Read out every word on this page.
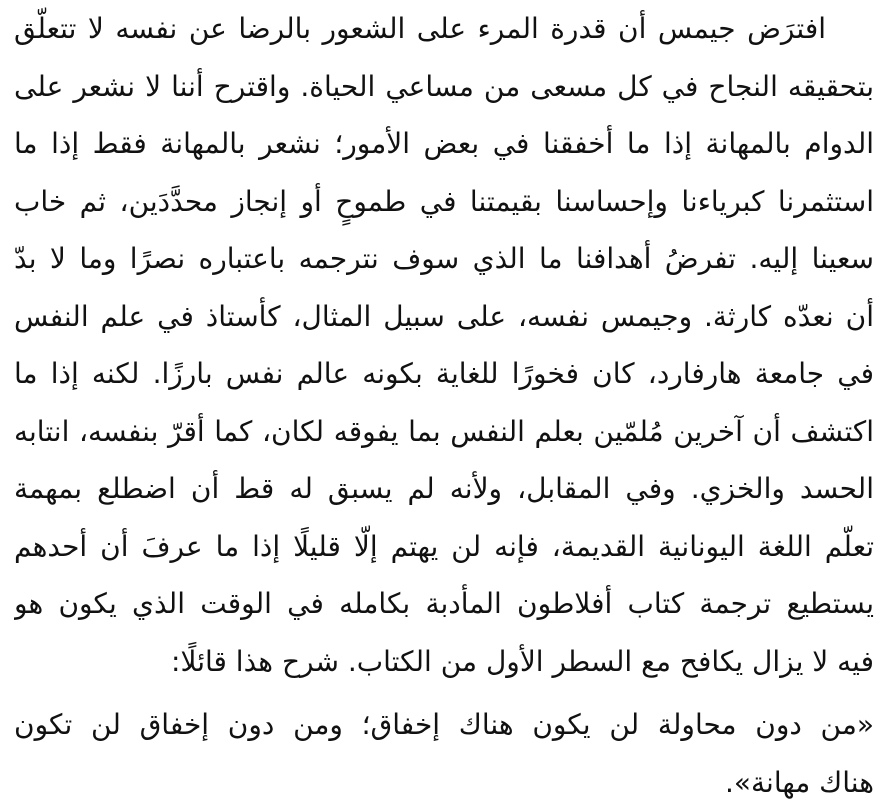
افترَض جيمس أن قدرة المرء على الشعور بالرضا عن نفسه لا تتعلّق
بتحقيقه النجاح في كل مسعى من مساعي الحياة. واقترح أننا لا نشعر على
الدوام بالمهانة إذا ما أخفقنا في بعض الأمور؛ نشعر بالمهانة فقط إذا ما
استثمرنا كبرياءنا وإحساسنا بقيمتنا في طموحٍ أو إنجاز محدَّدَين، ثم خاب
سعينا إليه. تفرضُ أهدافنا ما الذي سوف نترجمه باعتباره نصرًا وما لا بدّ
أن نعدّه كارثة. وجيمس نفسه، على سبيل المثال، كأستاذ في علم النفس
في جامعة هارفارد، كان فخورًا للغاية بكونه عالم نفس بارزًا. لكنه إذا ما
اكتشف أن آخرين مُلمّين بعلم النفس بما يفوقه لكان، كما أقرّ بنفسه، انتابه
الحسد والخزي. وفي المقابل، ولأنه لم يسبق له قط أن اضطلع بمهمة
تعلّم اللغة اليونانية القديمة، فإنه لن يهتم إلّا قليلًا إذا ما عرفَ أن أحدهم
يستطيع ترجمة كتاب أفلاطون المأدبة بكامله في الوقت الذي يكون هو
فيه لا يزال يكافح مع السطر الأول من الكتاب. شرح هذا قائلًا:
«من دون محاولة لن يكون هناك إخفاق؛ ومن دون إخفاق لن تكون
هناك مهانة».
